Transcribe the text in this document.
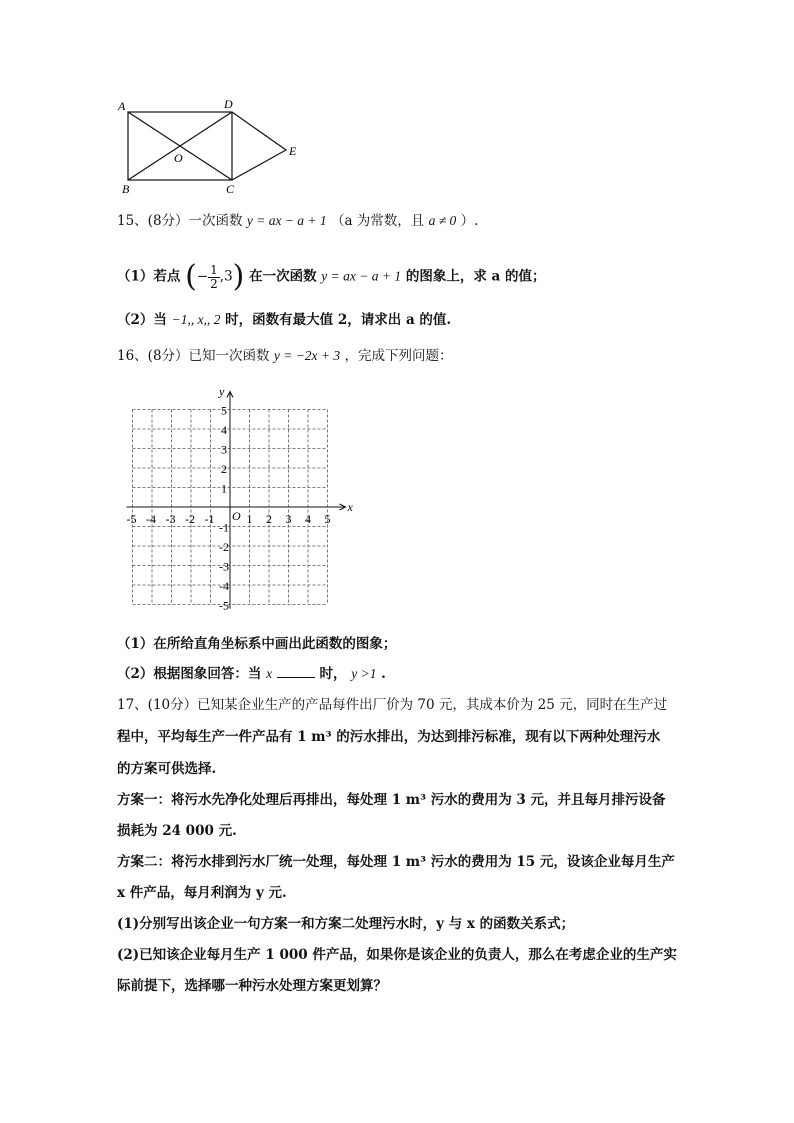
A	D
B	C
E
O
15、(8分）一次函数 y = ax − a + 1 （a 为常数，且 a ≠ 0 ）.
（1）若点 (− $\frac{1}{2} ,3$) 在一次函数 y = ax − a + 1 的图象上，求 a 的值；
（2）当 −1,, x,, 2 时，函数有最大值 2，请求出 a 的值.
16、(8分）已知一次函数 y = −2x + 3 ，完成下列问题：
x
y
O
-5 -4 -3 -2 -1	1 2 3 4 5
5
4
3
2
1
-1
-2
-3
-4
-5
（1）在所给直角坐标系中画出此函数的图象；
（2）根据图象回答：当 x	时， y >1 .
17、(10分）已知某企业生产的产品每件出厂价为 70 元，其成本价为 25 元，同时在生产过
程中，平均每生产一件产品有 1 m³ 的污水排出，为达到排污标准，现有以下两种处理污水
的方案可供选择.
方案一：将污水先净化处理后再排出，每处理 1 m³ 污水的费用为 3 元，并且每月排污设备
损耗为 24 000 元.
方案二：将污水排到污水厂统一处理，每处理 1 m³ 污水的费用为 15 元，设该企业每月生产
x 件产品，每月利润为 y 元.
(1)分别写出该企业一句方案一和方案二处理污水时，y 与 x 的函数关系式；
(2)已知该企业每月生产 1 000 件产品，如果你是该企业的负责人，那么在考虑企业的生产实
际前提下，选择哪一种污水处理方案更划算？
